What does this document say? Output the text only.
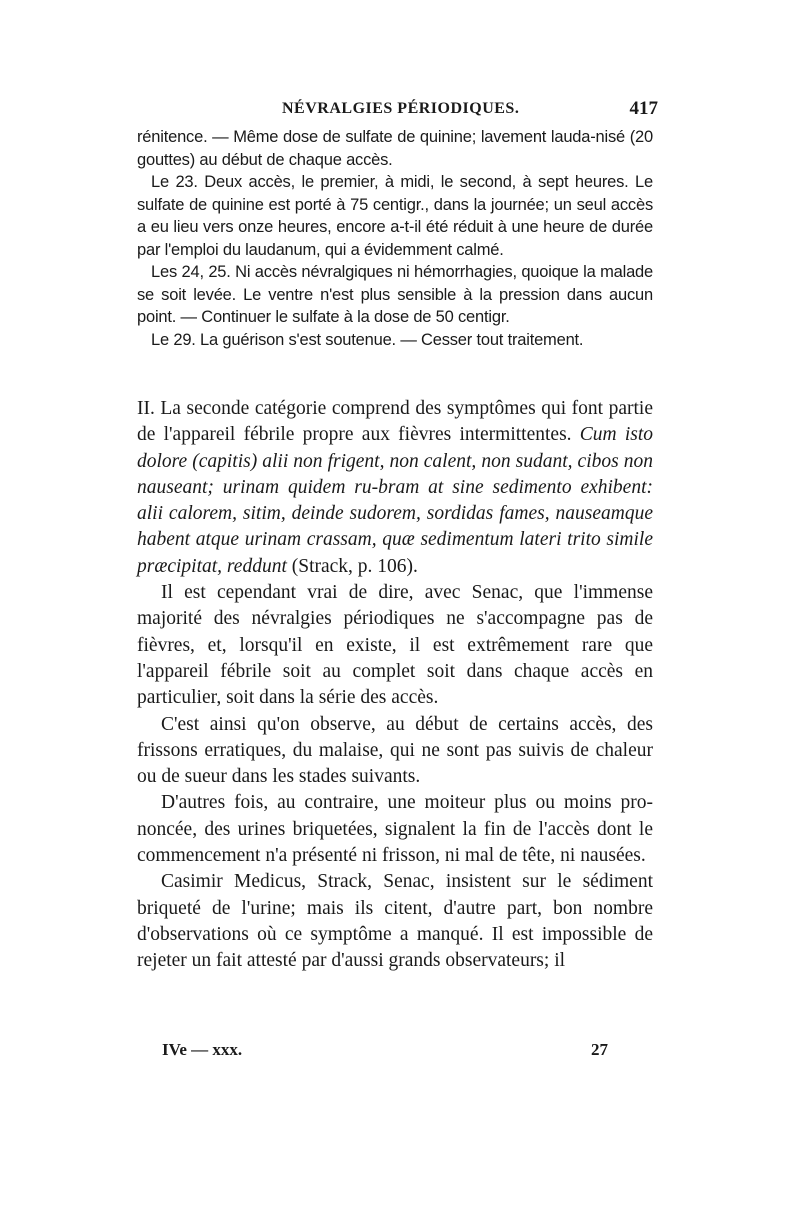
NÉVRALGIES PÉRIODIQUES.	417

rénitence. — Même dose de sulfate de quinine; lavement lauda-nisé (20 gouttes) au début de chaque accès.

Le 23. Deux accès, le premier, à midi, le second, à sept heures. Le sulfate de quinine est porté à 75 centigr., dans la journée; un seul accès a eu lieu vers onze heures, encore a-t-il été réduit à une heure de durée par l'emploi du laudanum, qui a évidemment calmé.

Les 24, 25. Ni accès névralgiques ni hémorrhagies, quoique la malade se soit levée. Le ventre n'est plus sensible à la pression dans aucun point. — Continuer le sulfate à la dose de 50 centigr.

Le 29. La guérison s'est soutenue. — Cesser tout traitement.

II. La seconde catégorie comprend des symptômes qui font partie de l'appareil fébrile propre aux fièvres intermittentes. Cum isto dolore (capitis) alii non frigent, non calent, non sudant, cibos non nauseant; urinam quidem ru-bram at sine sedimento exhibent: alii calorem, sitim, deinde sudorem, sordidas fames, nauseamque habent atque urinam crassam, quæ sedimentum lateri trito simile præcipitat, reddunt (Strack, p. 106).

Il est cependant vrai de dire, avec Senac, que l'immense majorité des névralgies périodiques ne s'accompagne pas de fièvres, et, lorsqu'il en existe, il est extrêmement rare que l'appareil fébrile soit au complet soit dans chaque accès en particulier, soit dans la série des accès.

C'est ainsi qu'on observe, au début de certains accès, des frissons erratiques, du malaise, qui ne sont pas suivis de chaleur ou de sueur dans les stades suivants.

D'autres fois, au contraire, une moiteur plus ou moins pro-noncée, des urines briquetées, signalent la fin de l'accès dont le commencement n'a présenté ni frisson, ni mal de tête, ni nausées.

Casimir Medicus, Strack, Senac, insistent sur le sédiment briqueté de l'urine; mais ils citent, d'autre part, bon nombre d'observations où ce symptôme a manqué. Il est impossible de rejeter un fait attesté par d'aussi grands observateurs; il

IVe — xxx.	27
